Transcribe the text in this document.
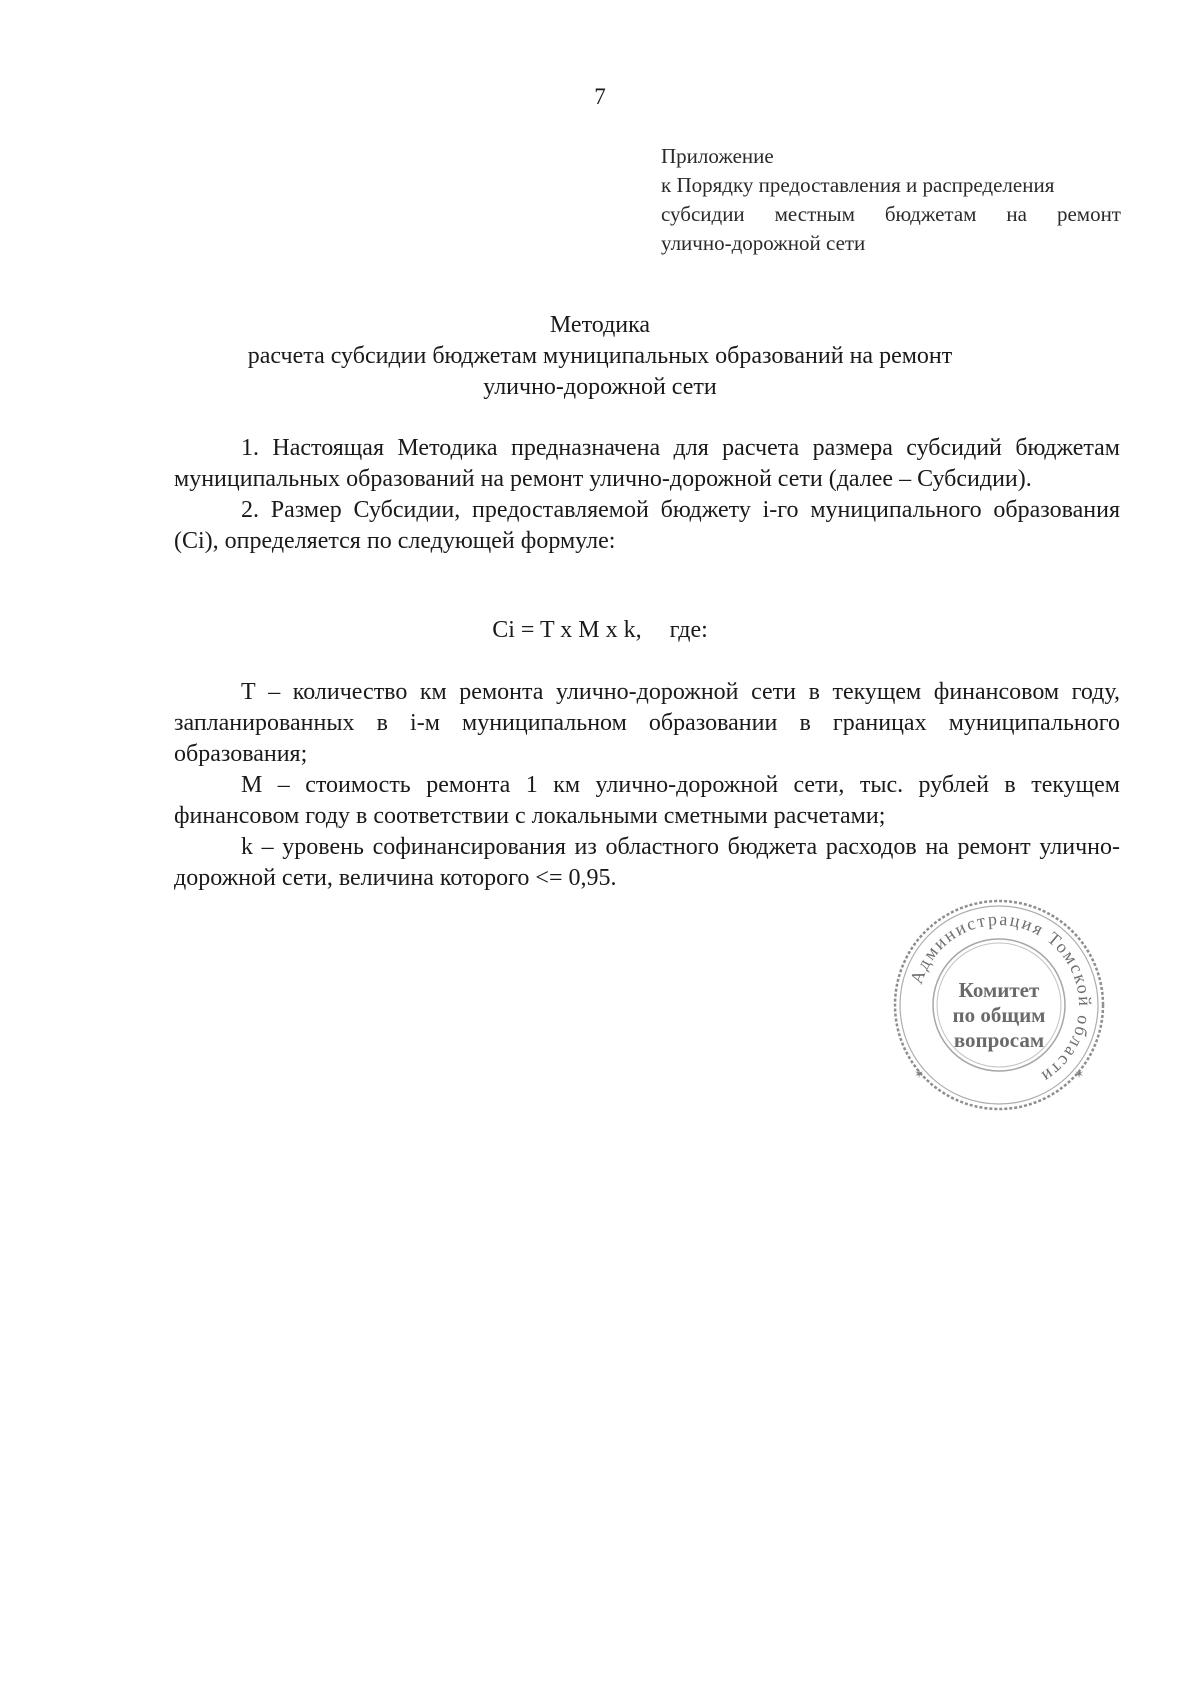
7
Приложение
к Порядку предоставления и распределения
субсидии местным бюджетам на ремонт
улично-дорожной сети
Методика
расчета субсидии бюджетам муниципальных образований на ремонт
улично-дорожной сети

1. Настоящая Методика предназначена для расчета размера субсидий бюджетам муниципальных образований на ремонт улично-дорожной сети (далее – Субсидии).

2. Размер Субсидии, предоставляемой бюджету i-го муниципального образования (Ci), определяется по следующей формуле:

Ci = T x M x k, где:

Т – количество км ремонта улично-дорожной сети в текущем финансовом году, запланированных в i-м муниципальном образовании в границах муниципального образования;

М – стоимость ремонта 1 км улично-дорожной сети, тыс. рублей в текущем финансовом году в соответствии с локальными сметными расчетами;

k – уровень софинансирования из областного бюджета расходов на ремонт улично-дорожной сети, величина которого <= 0,95.

Администрация Томской области
Комитет
по общим
вопросам
✶	✶
